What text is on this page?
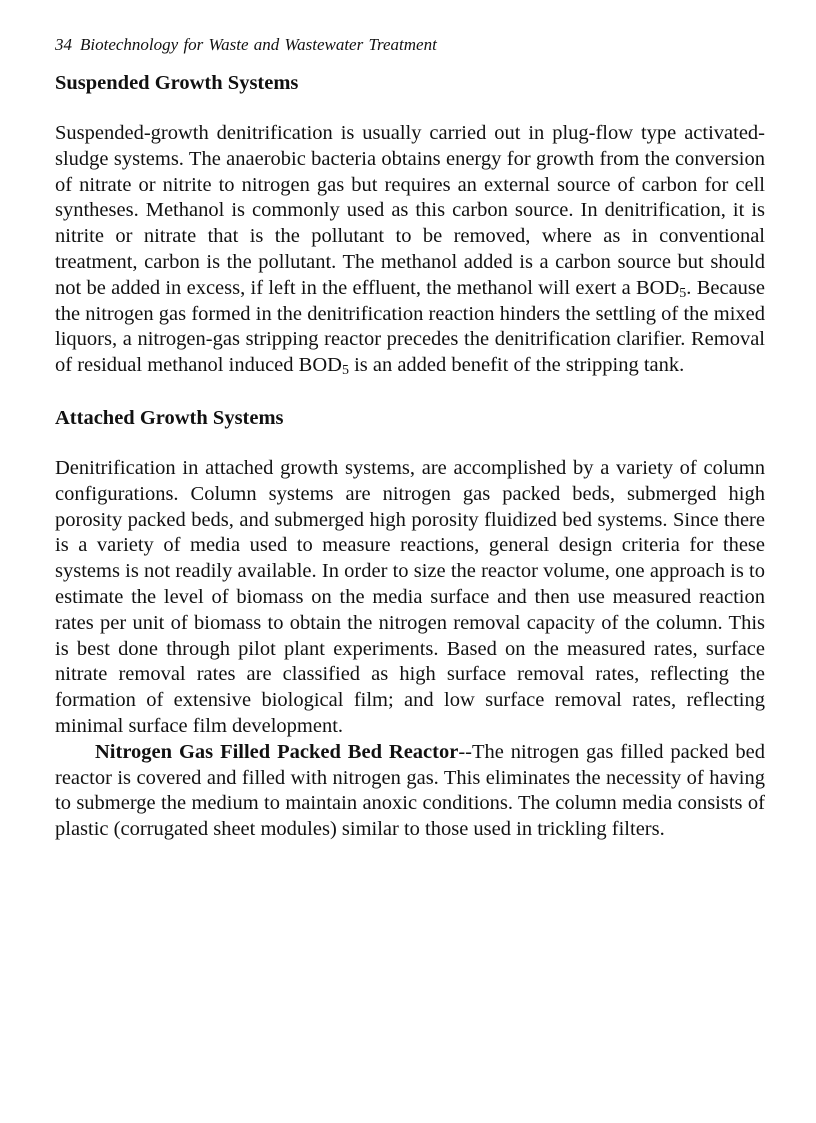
34 Biotechnology for Waste and Wastewater Treatment
Suspended Growth Systems

Suspended-growth denitrification is usually carried out in plug-flow type activated-sludge systems. The anaerobic bacteria obtains energy for growth from the conversion of nitrate or nitrite to nitrogen gas but requires an external source of carbon for cell syntheses. Methanol is commonly used as this carbon source. In denitrification, it is nitrite or nitrate that is the pollutant to be removed, where as in conventional treatment, carbon is the pollutant. The methanol added is a carbon source but should not be added in excess, if left in the effluent, the methanol will exert a $BOD_5$. Because the nitrogen gas formed in the denitrification reaction hinders the settling of the mixed liquors, a nitrogen-gas stripping reactor precedes the denitrification clarifier. Removal of residual methanol induced $BOD_5$ is an added benefit of the stripping tank.

Attached Growth Systems

Denitrification in attached growth systems, are accomplished by a variety of column configurations. Column systems are nitrogen gas packed beds, submerged high porosity packed beds, and submerged high porosity fluidized bed systems. Since there is a variety of media used to measure reactions, general design criteria for these systems is not readily available. In order to size the reactor volume, one approach is to estimate the level of biomass on the media surface and then use measured reaction rates per unit of biomass to obtain the nitrogen removal capacity of the column. This is best done through pilot plant experiments. Based on the measured rates, surface nitrate removal rates are classified as high surface removal rates, reflecting the formation of extensive biological film; and low surface removal rates, reflecting minimal surface film development.

Nitrogen Gas Filled Packed Bed Reactor--The nitrogen gas filled packed bed reactor is covered and filled with nitrogen gas. This eliminates the necessity of having to submerge the medium to maintain anoxic conditions. The column media consists of plastic (corrugated sheet modules) similar to those used in trickling filters.
